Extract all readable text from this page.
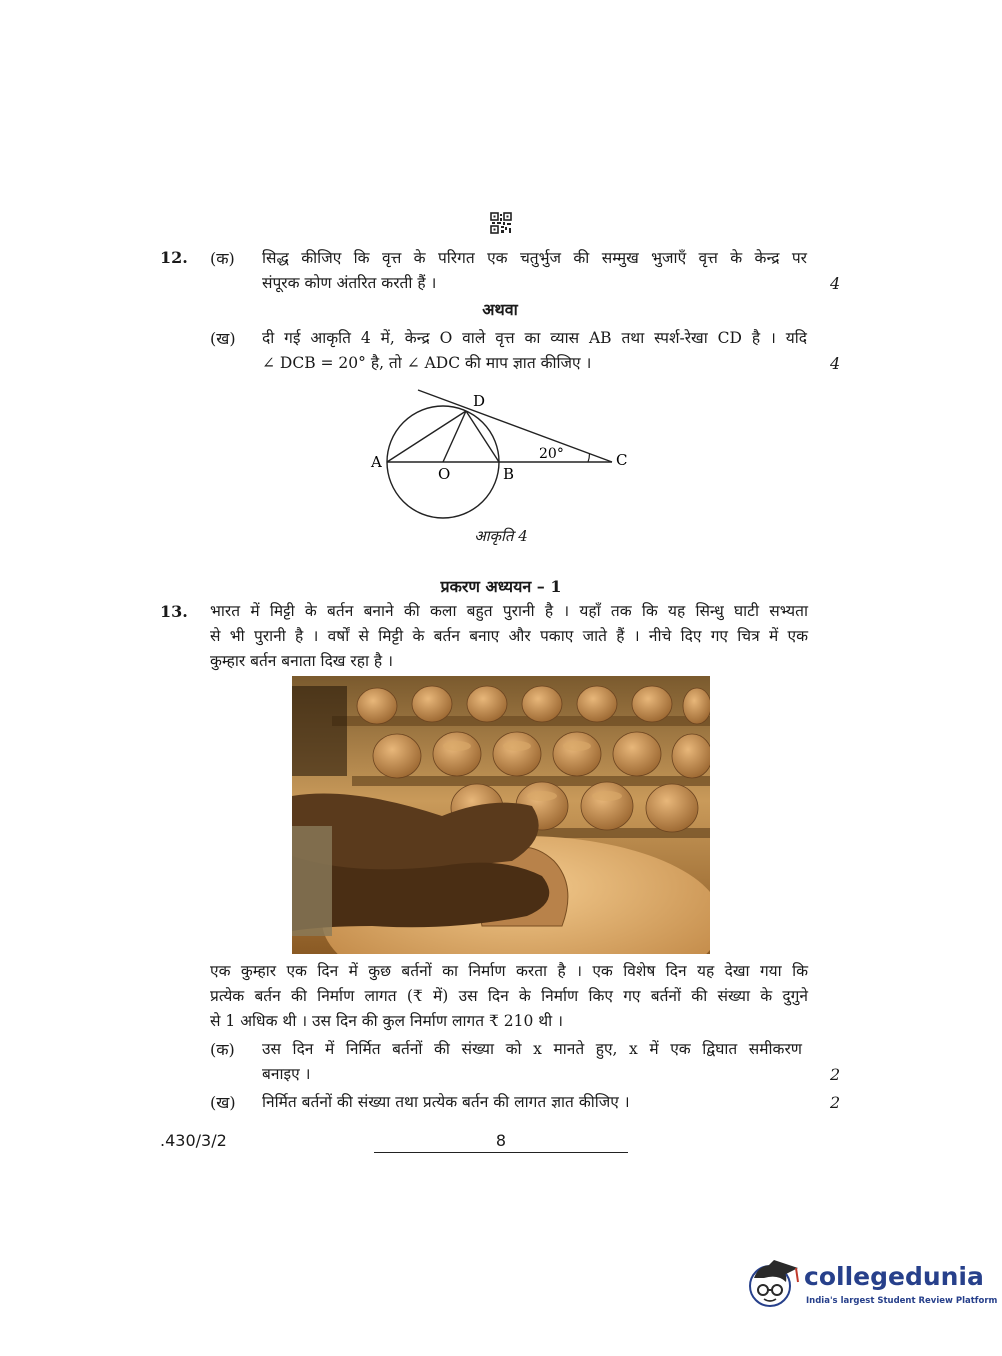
12. (क) सिद्ध कीजिए कि वृत्त के परिगत एक चतुर्भुज की सम्मुख भुजाएँ वृत्त के केन्द्र पर
संपूरक कोण अंतरित करती हैं ।	4
अथवा
(ख) दी गई आकृति 4 में, केन्द्र O वाले वृत्त का व्यास AB तथा स्पर्श-रेखा CD है । यदि
∠ DCB = 20° है, तो ∠ ADC की माप ज्ञात कीजिए ।	4
A
O	B
C
D
20°
आकृति 4
प्रकरण अध्ययन – 1
13. भारत में मिट्टी के बर्तन बनाने की कला बहुत पुरानी है । यहाँ तक कि यह सिन्धु घाटी सभ्यता
से भी पुरानी है । वर्षों से मिट्टी के बर्तन बनाए और पकाए जाते हैं । नीचे दिए गए चित्र में एक
कुम्हार बर्तन बनाता दिख रहा है ।
एक कुम्हार एक दिन में कुछ बर्तनों का निर्माण करता है । एक विशेष दिन यह देखा गया कि
प्रत्येक बर्तन की निर्माण लागत (₹ में) उस दिन के निर्माण किए गए बर्तनों की संख्या के दुगुने
से 1 अधिक थी । उस दिन की कुल निर्माण लागत ₹ 210 थी ।
(क) उस दिन में निर्मित बर्तनों की संख्या को x मानते हुए, x में एक द्विघात समीकरण
बनाइए ।	2
(ख) निर्मित बर्तनों की संख्या तथा प्रत्येक बर्तन की लागत ज्ञात कीजिए ।	2
.430/3/2	8
collegedunia
India's largest Student Review Platform
